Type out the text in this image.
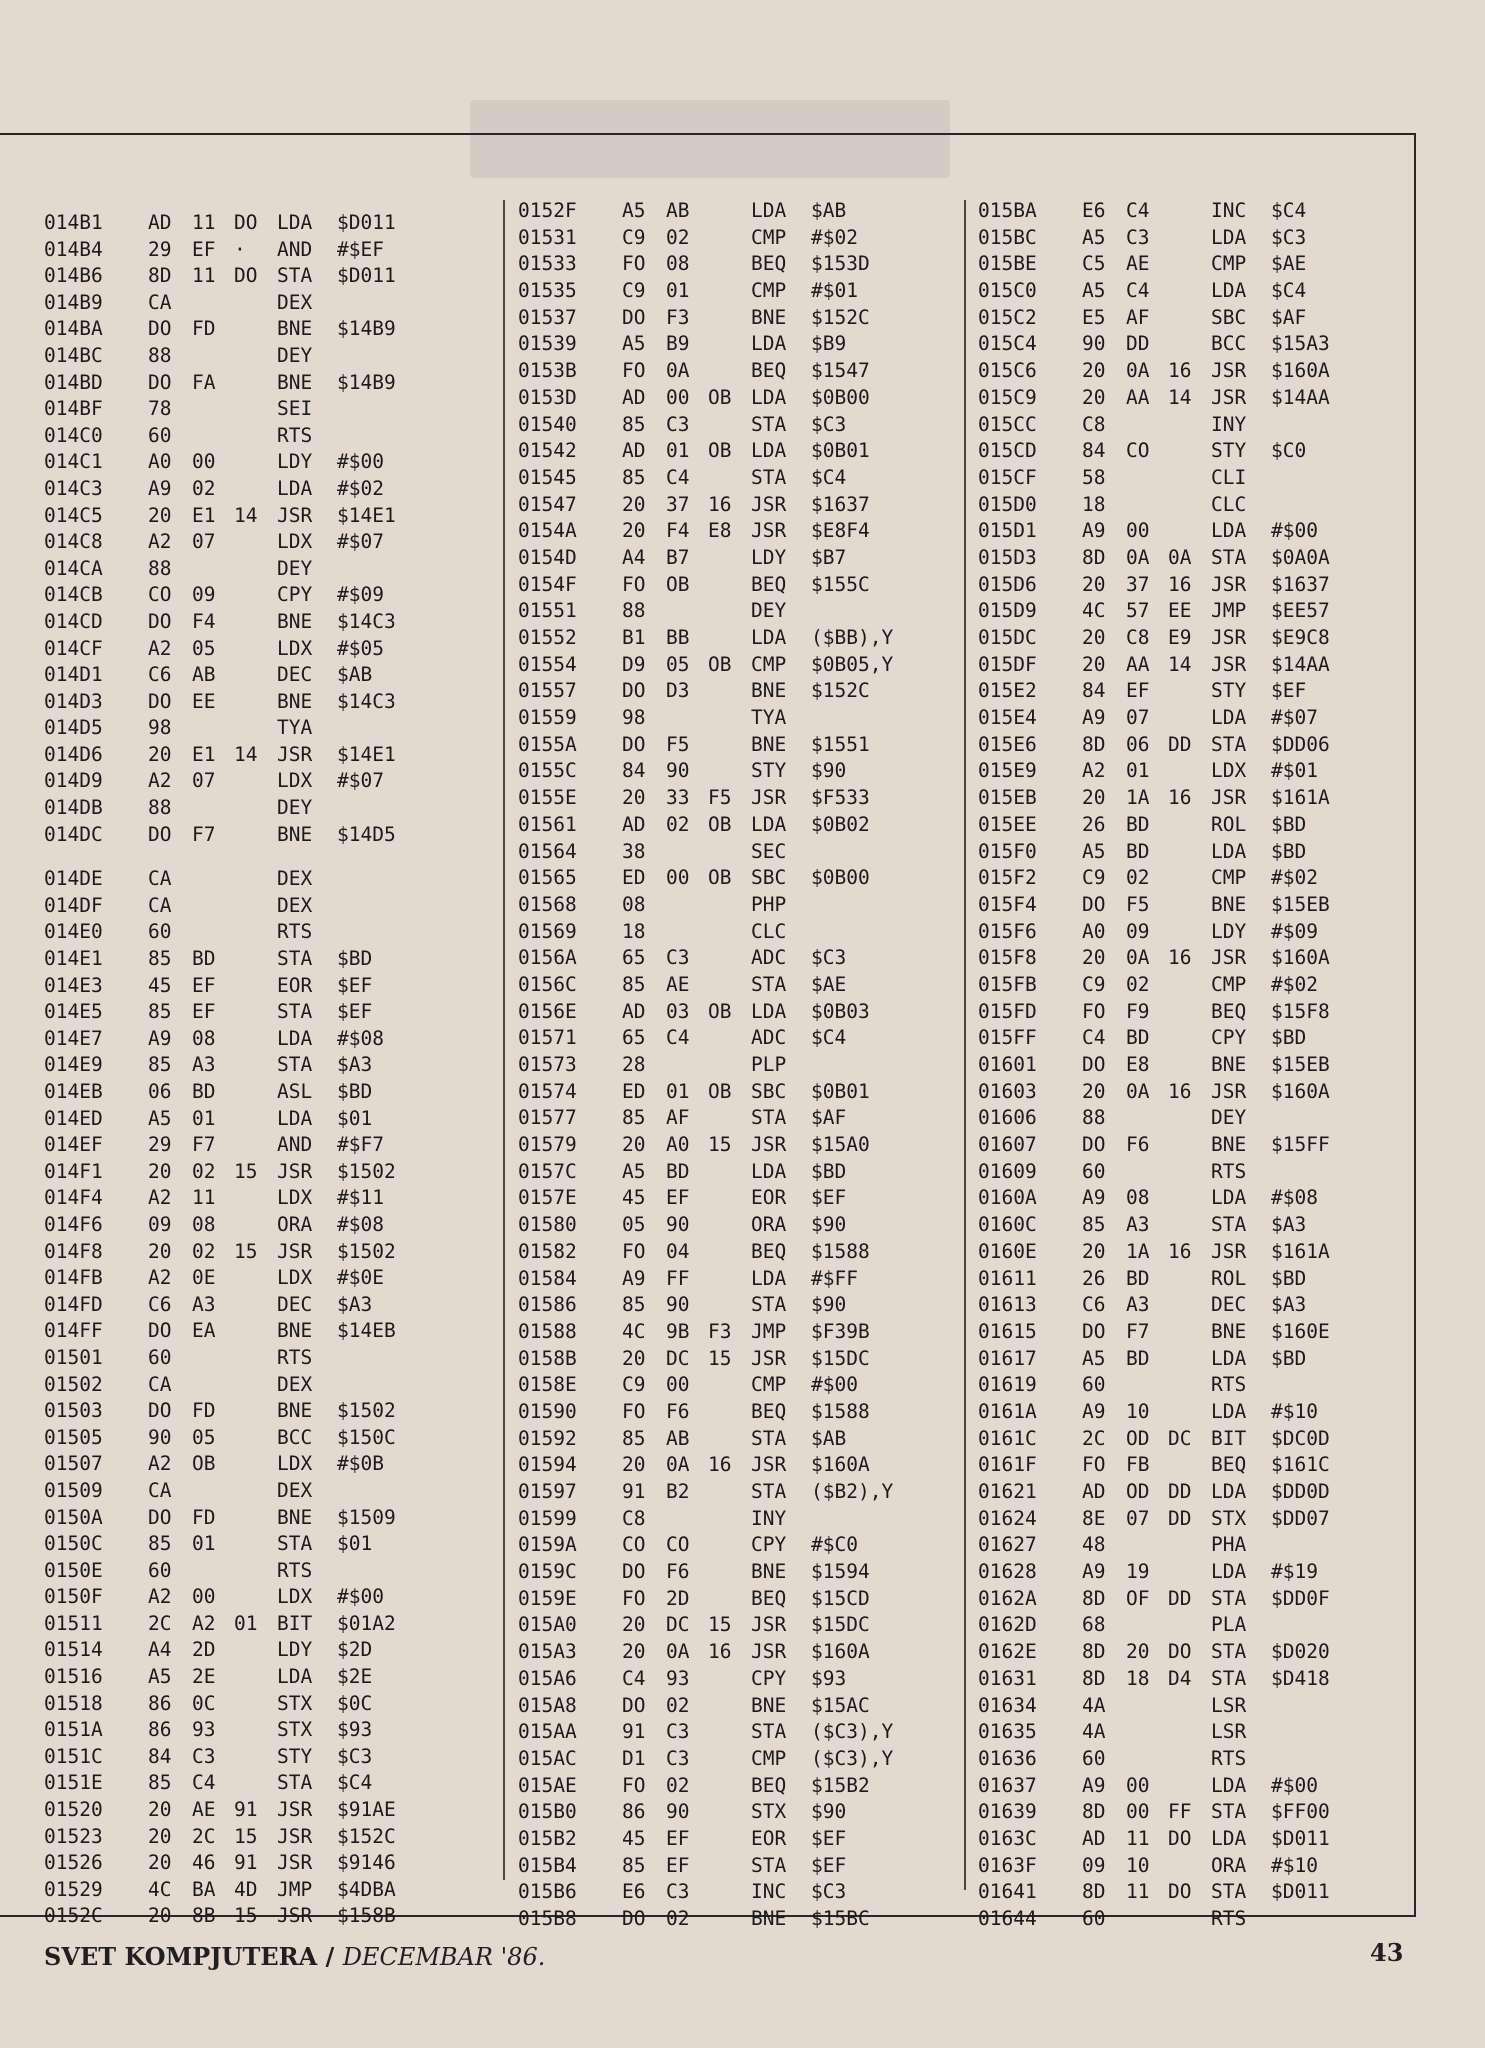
014B1	AD	11 DO	LDA	$D011
014B4	29	EF ·	AND	#$EF
014B6	8D	11 DO	STA	$D011
014B9	CA	DEX
014BA	DO	FD	BNE	$14B9
014BC	88	DEY
014BD	DO	FA	BNE	$14B9
014BF	78	SEI
014C0	60	RTS
014C1	A0	00	LDY	#$00
014C3	A9	02	LDA	#$02
014C5	20	E1 14	JSR	$14E1
014C8	A2	07	LDX	#$07
014CA	88	DEY
014CB	CO	09	CPY	#$09
014CD	DO	F4	BNE	$14C3
014CF	A2	05	LDX	#$05
014D1	C6	AB	DEC	$AB
014D3	DO	EE	BNE	$14C3
014D5	98	TYA
014D6	20	E1 14	JSR	$14E1
014D9	A2	07	LDX	#$07
014DB	88	DEY
014DC	DO	F7	BNE	$14D5
014DE	CA	DEX
014DF	CA	DEX
014E0	60	RTS
014E1	85	BD	STA	$BD
014E3	45	EF	EOR	$EF
014E5	85	EF	STA	$EF
014E7	A9	08	LDA	#$08
014E9	85	A3	STA	$A3
014EB	06	BD	ASL	$BD
014ED	A5	01	LDA	$01
014EF	29	F7	AND	#$F7
014F1	20	02 15	JSR	$1502
014F4	A2	11	LDX	#$11
014F6	09	08	ORA	#$08
014F8	20	02 15	JSR	$1502
014FB	A2	0E	LDX	#$0E
014FD	C6	A3	DEC	$A3
014FF	DO	EA	BNE	$14EB
01501	60	RTS
01502	CA	DEX
01503	DO	FD	BNE	$1502
01505	90	05	BCC	$150C
01507	A2	OB	LDX	#$0B
01509	CA	DEX
0150A	DO	FD	BNE	$1509
0150C	85	01	STA	$01
0150E	60	RTS
0150F	A2	00	LDX	#$00
01511	2C	A2 01	BIT	$01A2
01514	A4	2D	LDY	$2D
01516	A5	2E	LDA	$2E
01518	86	0C	STX	$0C
0151A	86	93	STX	$93
0151C	84	C3	STY	$C3
0151E	85	C4	STA	$C4
01520	20	AE 91	JSR	$91AE
01523	20	2C 15	JSR	$152C
01526	20	46 91	JSR	$9146
01529	4C	BA 4D	JMP	$4DBA
0152C	20	8B 15	JSR	$158B
0152F	A5	AB	LDA	$AB
01531	C9	02	CMP	#$02
01533	FO	08	BEQ	$153D
01535	C9	01	CMP	#$01
01537	DO	F3	BNE	$152C
01539	A5	B9	LDA	$B9
0153B	FO	0A	BEQ	$1547
0153D	AD	00 OB	LDA	$0B00
01540	85	C3	STA	$C3
01542	AD	01 OB	LDA	$0B01
01545	85	C4	STA	$C4
01547	20	37 16	JSR	$1637
0154A	20	F4 E8	JSR	$E8F4
0154D	A4	B7	LDY	$B7
0154F	FO	OB	BEQ	$155C
01551	88	DEY
01552	B1	BB	LDA	($BB),Y
01554	D9	05 OB	CMP	$0B05,Y
01557	DO	D3	BNE	$152C
01559	98	TYA
0155A	DO	F5	BNE	$1551
0155C	84	90	STY	$90
0155E	20	33 F5	JSR	$F533
01561	AD	02 OB	LDA	$0B02
01564	38	SEC
01565	ED	00 OB	SBC	$0B00
01568	08	PHP
01569	18	CLC
0156A	65	C3	ADC	$C3
0156C	85	AE	STA	$AE
0156E	AD	03 OB	LDA	$0B03
01571	65	C4	ADC	$C4
01573	28	PLP
01574	ED	01 OB	SBC	$0B01
01577	85	AF	STA	$AF
01579	20	A0 15	JSR	$15A0
0157C	A5	BD	LDA	$BD
0157E	45	EF	EOR	$EF
01580	05	90	ORA	$90
01582	FO	04	BEQ	$1588
01584	A9	FF	LDA	#$FF
01586	85	90	STA	$90
01588	4C	9B F3	JMP	$F39B
0158B	20	DC 15	JSR	$15DC
0158E	C9	00	CMP	#$00
01590	FO	F6	BEQ	$1588
01592	85	AB	STA	$AB
01594	20	0A 16	JSR	$160A
01597	91	B2	STA	($B2),Y
01599	C8	INY
0159A	CO	CO	CPY	#$C0
0159C	DO	F6	BNE	$1594
0159E	FO	2D	BEQ	$15CD
015A0	20	DC 15	JSR	$15DC
015A3	20	0A 16	JSR	$160A
015A6	C4	93	CPY	$93
015A8	DO	02	BNE	$15AC
015AA	91	C3	STA	($C3),Y
015AC	D1	C3	CMP	($C3),Y
015AE	FO	02	BEQ	$15B2
015B0	86	90	STX	$90
015B2	45	EF	EOR	$EF
015B4	85	EF	STA	$EF
015B6	E6	C3	INC	$C3
015B8	DO	02	BNE	$15BC
015BA	E6	C4	INC	$C4
015BC	A5	C3	LDA	$C3
015BE	C5	AE	CMP	$AE
015C0	A5	C4	LDA	$C4
015C2	E5	AF	SBC	$AF
015C4	90	DD	BCC	$15A3
015C6	20	0A 16	JSR	$160A
015C9	20	AA 14	JSR	$14AA
015CC	C8	INY
015CD	84	CO	STY	$C0
015CF	58	CLI
015D0	18	CLC
015D1	A9	00	LDA	#$00
015D3	8D	0A 0A	STA	$0A0A
015D6	20	37 16	JSR	$1637
015D9	4C	57 EE	JMP	$EE57
015DC	20	C8 E9	JSR	$E9C8
015DF	20	AA 14	JSR	$14AA
015E2	84	EF	STY	$EF
015E4	A9	07	LDA	#$07
015E6	8D	06 DD	STA	$DD06
015E9	A2	01	LDX	#$01
015EB	20	1A 16	JSR	$161A
015EE	26	BD	ROL	$BD
015F0	A5	BD	LDA	$BD
015F2	C9	02	CMP	#$02
015F4	DO	F5	BNE	$15EB
015F6	A0	09	LDY	#$09
015F8	20	0A 16	JSR	$160A
015FB	C9	02	CMP	#$02
015FD	FO	F9	BEQ	$15F8
015FF	C4	BD	CPY	$BD
01601	DO	E8	BNE	$15EB
01603	20	0A 16	JSR	$160A
01606	88	DEY
01607	DO	F6	BNE	$15FF
01609	60	RTS
0160A	A9	08	LDA	#$08
0160C	85	A3	STA	$A3
0160E	20	1A 16	JSR	$161A
01611	26	BD	ROL	$BD
01613	C6	A3	DEC	$A3
01615	DO	F7	BNE	$160E
01617	A5	BD	LDA	$BD
01619	60	RTS
0161A	A9	10	LDA	#$10
0161C	2C	OD DC	BIT	$DC0D
0161F	FO	FB	BEQ	$161C
01621	AD	OD DD	LDA	$DD0D
01624	8E	07 DD	STX	$DD07
01627	48	PHA
01628	A9	19	LDA	#$19
0162A	8D	OF DD	STA	$DD0F
0162D	68	PLA
0162E	8D	20 DO	STA	$D020
01631	8D	18 D4	STA	$D418
01634	4A	LSR
01635	4A	LSR
01636	60	RTS
01637	A9	00	LDA	#$00
01639	8D	00 FF	STA	$FF00
0163C	AD	11 DO	LDA	$D011
0163F	09	10	ORA	#$10
01641	8D	11 DO	STA	$D011
01644	60	RTS
SVET KOMPJUTERA / DECEMBAR '86.	43
